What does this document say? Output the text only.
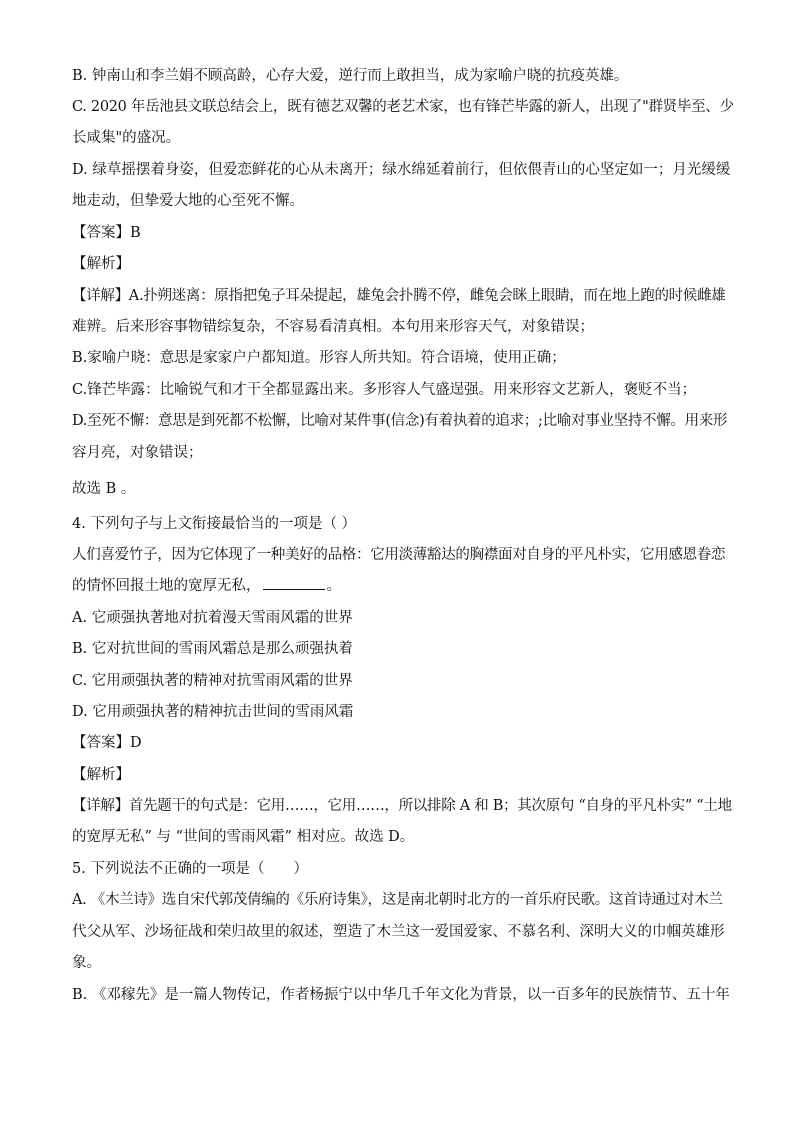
B. 钟南山和李兰娟不顾高龄，心存大爱，逆行而上敢担当，成为家喻户晓的抗疫英雄。
C. 2020 年岳池县文联总结会上，既有德艺双馨的老艺术家，也有锋芒毕露的新人，出现了"群贤毕至、少
长咸集"的盛况。
D. 绿草摇摆着身姿，但爱恋鲜花的心从未离开；绿水绵延着前行，但依偎青山的心坚定如一；月光缓缓
地走动，但挚爱大地的心至死不懈。
【答案】B
【解析】
【详解】A.扑朔迷离：原指把兔子耳朵提起，雄兔会扑腾不停，雌兔会眯上眼睛，而在地上跑的时候雌雄
难辨。后来形容事物错综复杂，不容易看清真相。本句用来形容天气，对象错误；
B.家喻户晓：意思是家家户户都知道。形容人所共知。符合语境，使用正确；
C.锋芒毕露：比喻锐气和才干全都显露出来。多形容人气盛逞强。用来形容文艺新人，褒贬不当；
D.至死不懈：意思是到死都不松懈，比喻对某件事(信念)有着执着的追求；;比喻对事业坚持不懈。用来形
容月亮，对象错误；
故选 B 。
4. 下列句子与上文衔接最恰当的一项是（ ）
人们喜爱竹子，因为它体现了一种美好的品格：它用淡薄豁达的胸襟面对自身的平凡朴实，它用感恩眷恋
的情怀回报土地的宽厚无私，	。
A. 它顽强执著地对抗着漫天雪雨风霜的世界
B. 它对抗世间的雪雨风霜总是那么顽强执着
C. 它用顽强执著的精神对抗雪雨风霜的世界
D. 它用顽强执著的精神抗击世间的雪雨风霜
【答案】D
【解析】
【详解】首先题干的句式是：它用……，它用……，所以排除 A 和 B；其次原句 “自身的平凡朴实” “土地
的宽厚无私” 与 “世间的雪雨风霜” 相对应。故选 D。
5. 下列说法不正确的一项是（　　）
A. 《木兰诗》选自宋代郭茂倩编的《乐府诗集》，这是南北朝时北方的一首乐府民歌。这首诗通过对木兰
代父从军、沙场征战和荣归故里的叙述，塑造了木兰这一爱国爱家、不慕名利、深明大义的巾帼英雄形
象。
B. 《邓稼先》是一篇人物传记，作者杨振宁以中华几千年文化为背景，以一百多年的民族情节、五十年
